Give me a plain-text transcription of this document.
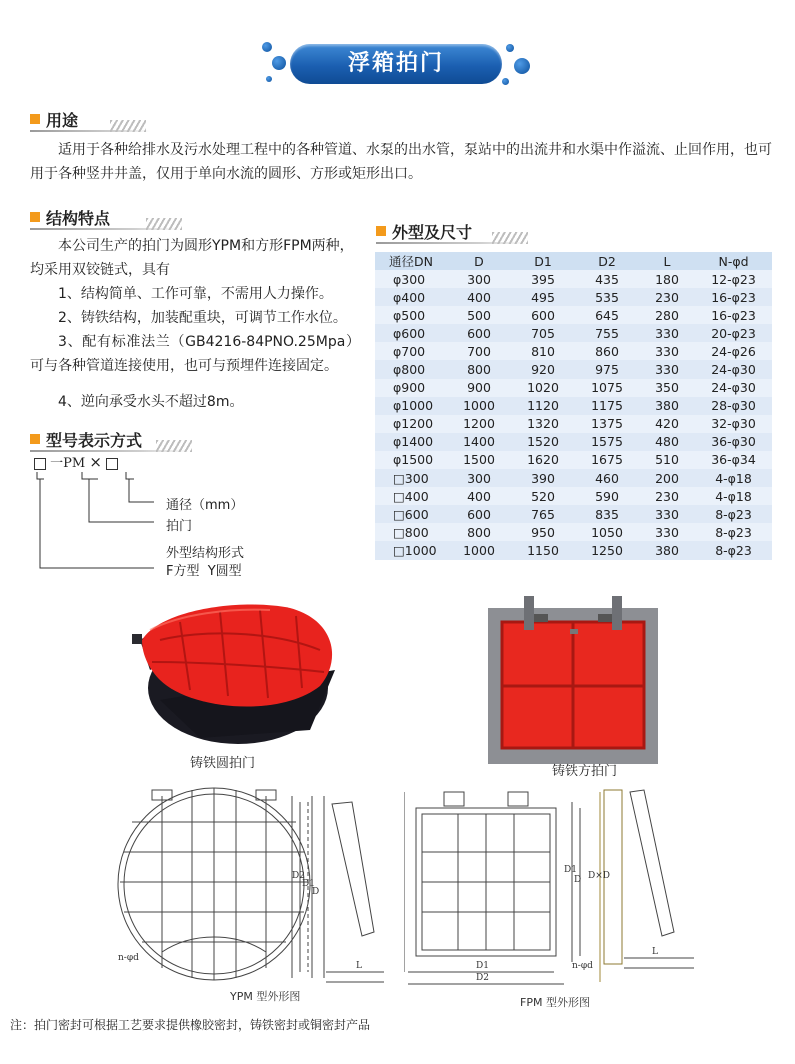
浮箱拍门
用途
适用于各种给排水及污水处理工程中的各种管道、水泵的出水管，泵站中的出流井和水渠中作溢流、止回作用，也可用于各种竖井井盖，仅用于单向水流的圆形、方形或矩形出口。
结构特点
本公司生产的拍门为圆形YPM和方形FPM两种，均采用双铰链式，具有
1、结构简单、工作可靠，不需用人力操作。
2、铸铁结构，加装配重块，可调节工作水位。
3、配有标准法兰（GB4216-84PNO.25Mpa）可与各种管道连接使用，也可与预埋件连接固定。
4、逆向承受水头不超过8m。
型号表示方式
一PM ×
通径（mm）
拍门
外型结构形式
F方型  Y圆型
外型及尺寸
通径DN	D	D1	D2	L	N-φd
φ300	300	395	435	180	12-φ23
φ400	400	495	535	230	16-φ23
φ500	500	600	645	280	16-φ23
φ600	600	705	755	330	20-φ23
φ700	700	810	860	330	24-φ26
φ800	800	920	975	330	24-φ30
φ900	900	1020	1075	350	24-φ30
φ1000	1000	1120	1175	380	28-φ30
φ1200	1200	1320	1375	420	32-φ30
φ1400	1400	1520	1575	480	36-φ30
φ1500	1500	1620	1675	510	36-φ34
□300	300	390	460	200	4-φ18
□400	400	520	590	230	4-φ18
□600	600	765	835	330	8-φ23
□800	800	950	1050	330	8-φ23
□1000	1000	1150	1250	380	8-φ23
铸铁圆拍门
铸铁方拍门
n-φd
D2
D1
D
L
YPM 型外形图
D1
D2
D1
D D×D
n-φd
L
FPM 型外形图
注：拍门密封可根据工艺要求提供橡胶密封，铸铁密封或铜密封产品
